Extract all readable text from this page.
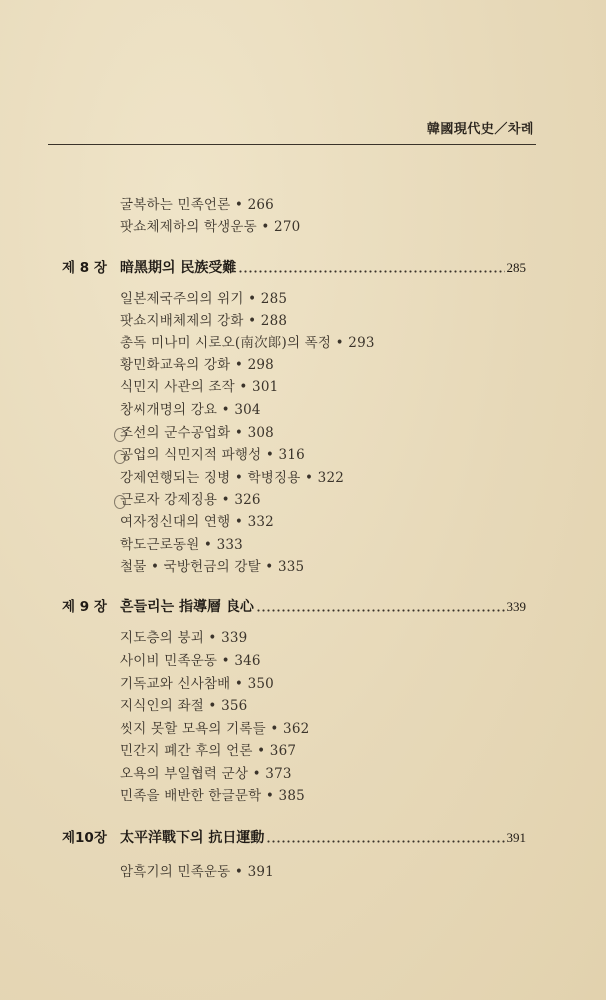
韓國現代史／차례
굴복하는 민족언론 • 266
팟쇼체제하의 학생운동 • 270
제 8 장 暗黑期의 民族受難	285
일본제국주의의 위기 • 285
팟쇼지배체제의 강화 • 288
총독 미나미 시로오(南次郞)의 폭정 • 293
황민화교육의 강화 • 298
식민지 사관의 조작 • 301
창씨개명의 강요 • 304
조선의 군수공업화 • 308
공업의 식민지적 파행성 • 316
강제연행되는 징병 • 학병징용 • 322
근로자 강제징용 • 326
여자정신대의 연행 • 332
학도근로동원 • 333
철물 • 국방헌금의 강탈 • 335
제 9 장 흔들리는 指導層 良心	339
지도층의 붕괴 • 339
사이비 민족운동 • 346
기독교와 신사참배 • 350
지식인의 좌절 • 356
씻지 못할 모욕의 기록들 • 362
민간지 폐간 후의 언론 • 367
오욕의 부일협력 군상 • 373
민족을 배반한 한글문학 • 385
제10장 太平洋戰下의 抗日運動	391
암흑기의 민족운동 • 391
